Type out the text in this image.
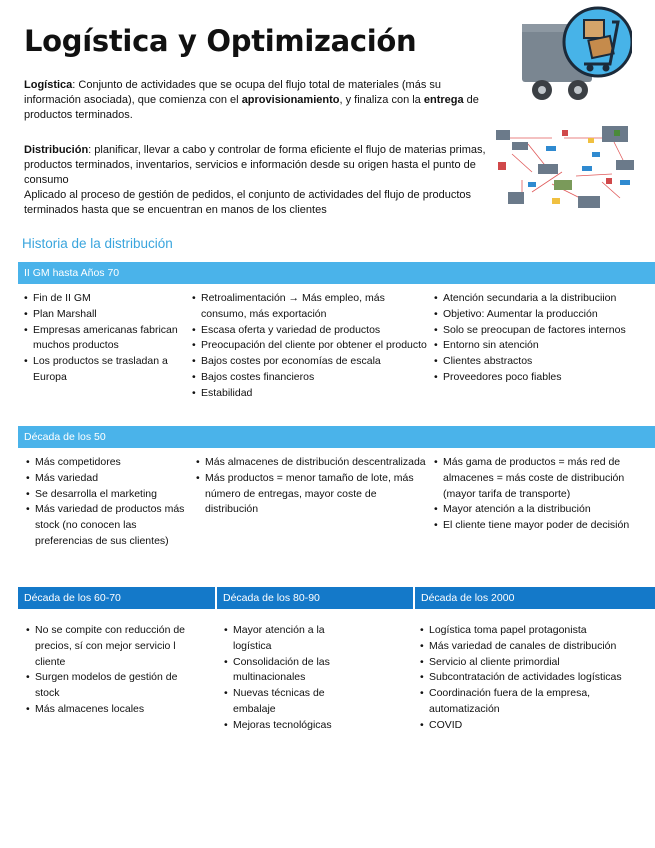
Logística y Optimización
Logística: Conjunto de actividades que se ocupa del flujo total de materiales (más su información asociada), que comienza con el aprovisionamiento, y finaliza con la entrega de productos terminados.
Distribución: planificar, llevar a cabo y controlar de forma eficiente el flujo de materias primas, productos terminados, inventarios, servicios e información desde su origen hasta el punto de consumo
Aplicado al proceso de gestión de pedidos, el conjunto de actividades del flujo de productos terminados hasta que se encuentran en manos de los clientes
Historia de la distribución
II GM hasta Años 70
• Fin de II GM
• Plan Marshall
• Empresas americanas fabrican muchos productos
• Los productos se trasladan a Europa
• Retroalimentación → Más empleo, más consumo, más exportación
• Escasa oferta y variedad de productos
• Preocupación del cliente por obtener el producto
• Bajos costes por economías de escala
• Bajos costes financieros
• Estabilidad
• Atención secundaria a la distribuciion
• Objetivo: Aumentar la producción
• Solo se preocupan de factores internos
• Entorno sin atención
• Clientes abstractos
• Proveedores poco fiables
Década de los 50
• Más competidores
• Más variedad
• Se desarrolla el marketing
• Más variedad de productos más stock (no conocen las preferencias de sus clientes)
• Más almacenes de distribución descentralizada
• Más productos = menor tamaño de lote, más número de entregas, mayor coste de distribución
• Más gama de productos = más red de almacenes = más coste de distribución (mayor tarifa de transporte)
• Mayor atención a la distribución
• El cliente tiene mayor poder de decisión
Década de los 60-70	Década de los 80-90	Década de los 2000
• No se compite con reducción de precios, sí con mejor servicio l cliente
• Surgen modelos de gestión de stock
• Más almacenes locales
• Mayor atención a la logística
• Consolidación de las multinacionales
• Nuevas técnicas de embalaje
• Mejoras tecnológicas
• Logística toma papel protagonista
• Más variedad de canales de distribución
• Servicio al cliente primordial
• Subcontratación de actividades logísticas
• Coordinación fuera de la empresa, automatización
• COVID
